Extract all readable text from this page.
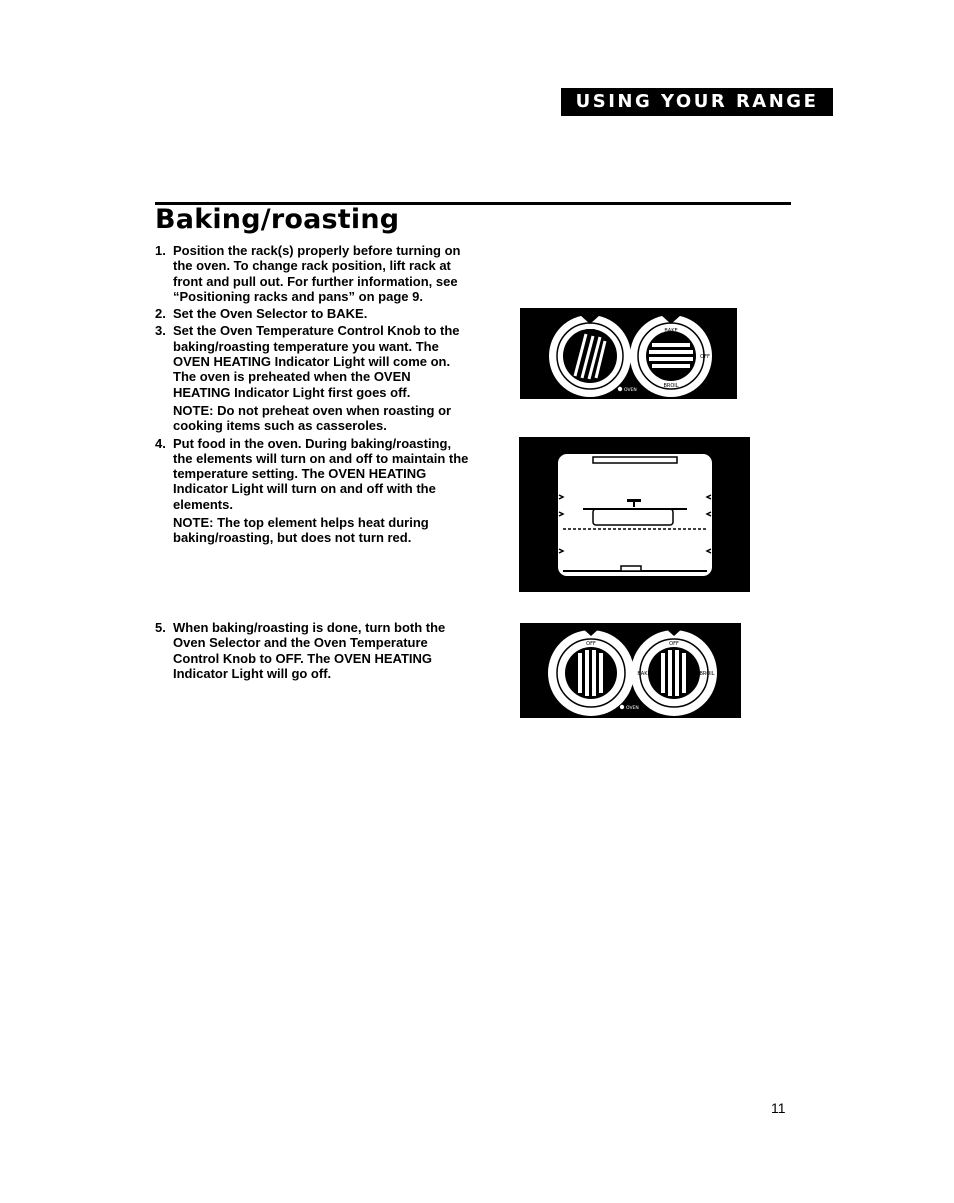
USING YOUR RANGE
Baking/roasting
1. Position the rack(s) properly before turning on the oven. To change rack position, lift rack at front and pull out. For further information, see “Positioning racks and pans” on page 9.
2. Set the Oven Selector to BAKE.
3. Set the Oven Temperature Control Knob to the baking/roasting temperature you want. The OVEN HEATING Indicator Light will come on. The oven is preheated when the OVEN HEATING Indicator Light first goes off.
NOTE: Do not preheat oven when roasting or cooking items such as casseroles.
4. Put food in the oven. During baking/roasting, the elements will turn on and off to maintain the temperature setting. The OVEN HEATING Indicator Light will turn on and off with the elements.
NOTE: The top element helps heat during baking/roasting, but does not turn red.
5. When baking/roasting is done, turn both the Oven Selector and the Oven Temperature Control Knob to OFF. The OVEN HEATING Indicator Light will go off.
OFF	BAKE
OFF
BROIL
OVEN
OFF	OFF
BAKE	BROIL
OVEN
11
